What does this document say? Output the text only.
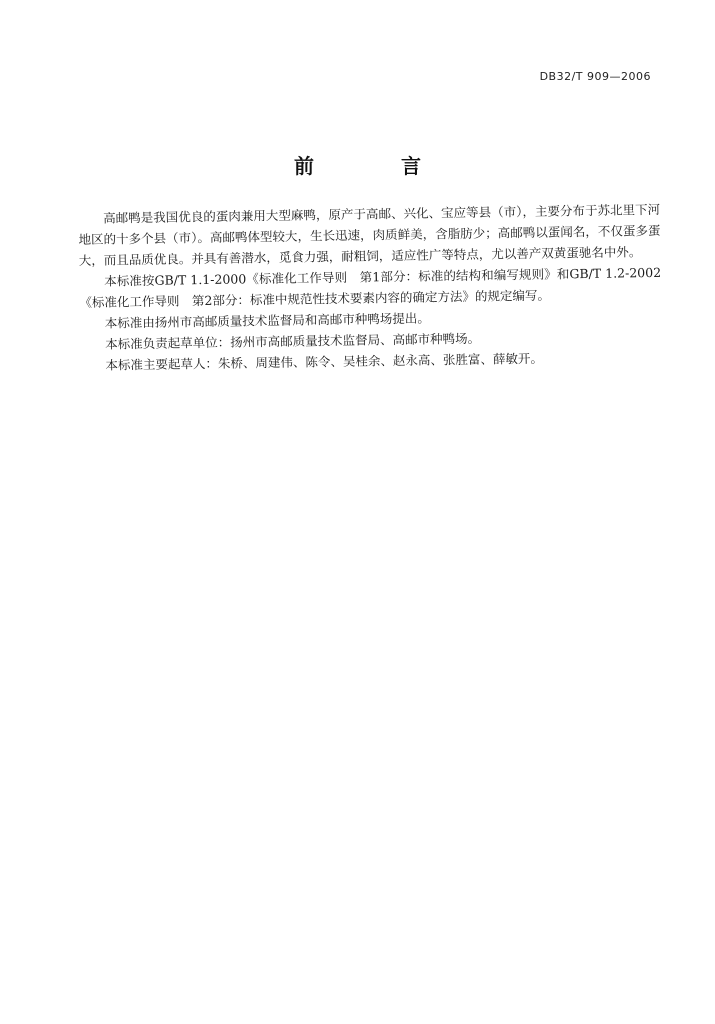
DB32/T 909—2006
前 言

高邮鸭是我国优良的蛋肉兼用大型麻鸭，原产于高邮、兴化、宝应等县（市），主要分布于苏北里下河地区的十多个县（市）。高邮鸭体型较大，生长迅速，肉质鲜美，含脂肪少；高邮鸭以蛋闻名，不仅蛋多蛋大，而且品质优良。并具有善潜水，觅食力强，耐粗饲，适应性广等特点，尤以善产双黄蛋驰名中外。

本标准按GB/T 1.1-2000《标准化工作导则　第1部分：标准的结构和编写规则》和GB/T 1.2-2002《标准化工作导则　第2部分：标准中规范性技术要素内容的确定方法》的规定编写。

本标准由扬州市高邮质量技术监督局和高邮市种鸭场提出。

本标准负责起草单位：扬州市高邮质量技术监督局、高邮市种鸭场。

本标准主要起草人：朱桥、周建伟、陈令、吴桂余、赵永高、张胜富、薛敏开。
